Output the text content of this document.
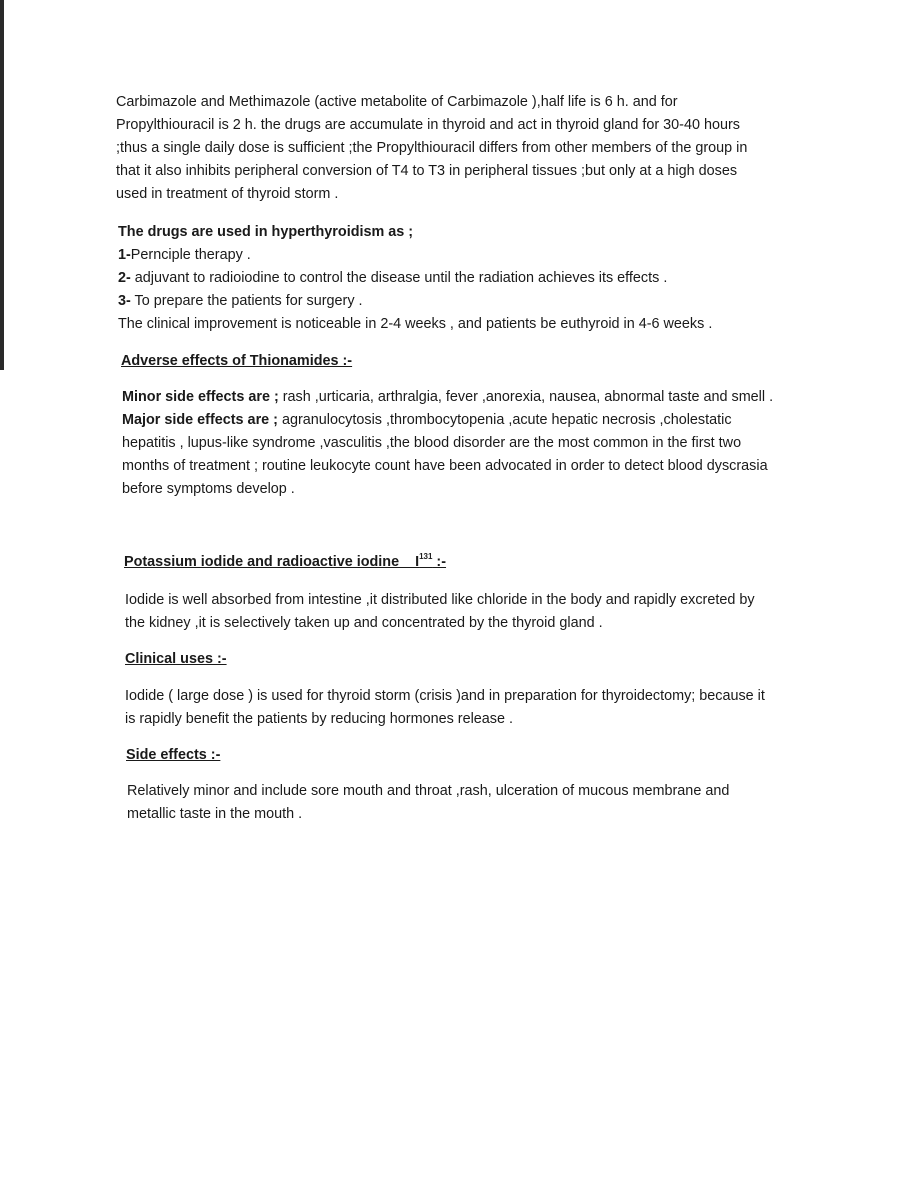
Carbimazole and Methimazole (active metabolite of Carbimazole ),half life is 6 h. and for
Propylthiouracil is 2 h. the drugs are accumulate in thyroid and act in thyroid gland for 30-40 hours
;thus a single daily dose is sufficient ;the Propylthiouracil differs from other members of the group in
that it also inhibits peripheral conversion of T4 to T3 in peripheral tissues ;but only at a high doses
used in treatment of thyroid storm .
The drugs are used in hyperthyroidism as ;
1-Pernciple therapy .
2- adjuvant to radioiodine to control the disease until the radiation achieves its effects .
3- To prepare the patients for surgery .
The clinical improvement is noticeable in 2-4 weeks , and patients be euthyroid in 4-6 weeks .
Adverse effects of Thionamides :-
Minor side effects are ; rash ,urticaria, arthralgia, fever ,anorexia, nausea, abnormal taste and smell .
Major side effects are ; agranulocytosis ,thrombocytopenia ,acute hepatic necrosis ,cholestatic
hepatitis , lupus-like syndrome ,vasculitis ,the blood disorder are the most common in the first two
months of treatment ; routine leukocyte count have been advocated in order to detect blood dyscrasia
before symptoms develop .
Potassium iodide and radioactive iodine    $I^{131}$ :-
Iodide is well absorbed from intestine ,it distributed like chloride in the body and rapidly excreted by
the kidney ,it is selectively taken up and concentrated by the thyroid gland .
Clinical uses :-
Iodide ( large dose ) is used for thyroid storm (crisis )and in preparation for thyroidectomy; because it
is rapidly benefit the patients by reducing hormones release .
Side effects :-
Relatively minor and include sore mouth and throat ,rash, ulceration of mucous membrane and
metallic taste in the mouth .
